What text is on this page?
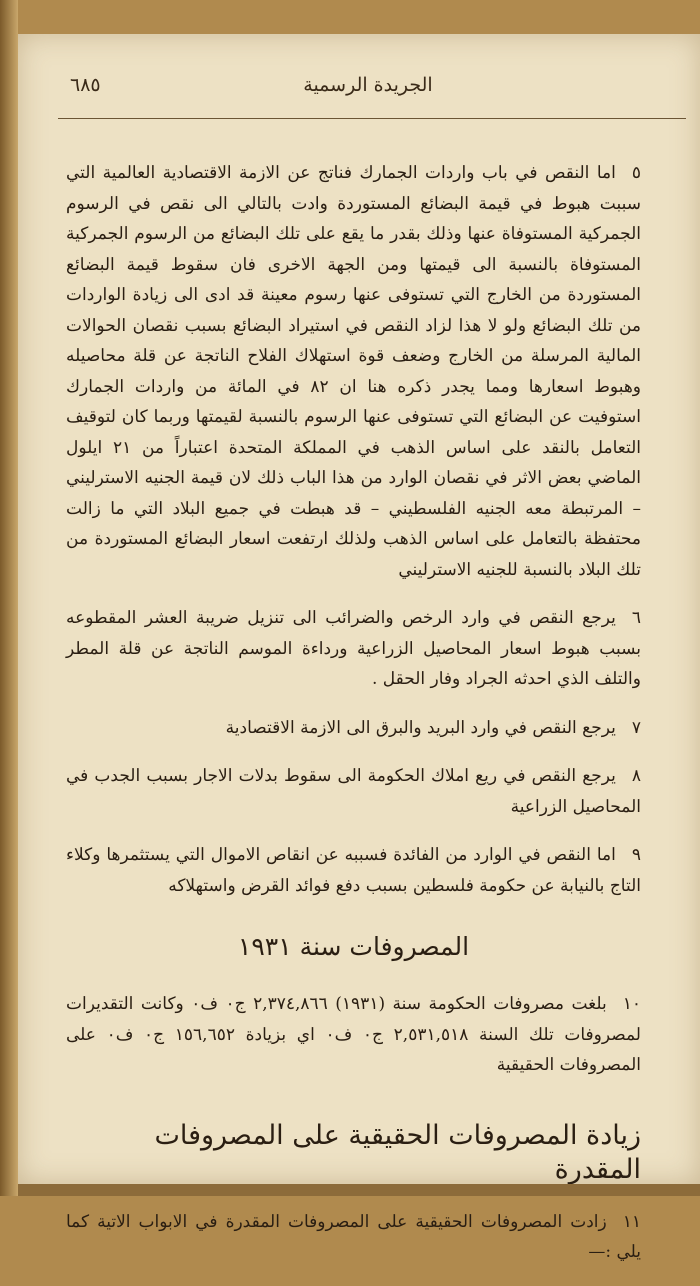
٦٨٥	الجريدة الرسمية

٥اما النقص في باب واردات الجمارك فناتج عن الازمة الاقتصادية العالمية التي سببت هبوط في قيمة البضائع المستوردة وادت بالتالي الى نقص في الرسوم الجمركية المستوفاة عنها وذلك بقدر ما يقع على تلك البضائع من الرسوم الجمركية المستوفاة بالنسبة الى قيمتها ومن الجهة الاخرى فان سقوط قيمة البضائع المستوردة من الخارج التي تستوفى عنها رسوم معينة قد ادى الى زيادة الواردات من تلك البضائع ولو لا هذا لزاد النقص في استيراد البضائع بسبب نقصان الحوالات المالية المرسلة من الخارج وضعف قوة استهلاك الفلاح الناتجة عن قلة محاصيله وهبوط اسعارها ومما يجدر ذكره هنا ان ٨٢ في المائة من واردات الجمارك استوفيت عن البضائع التي تستوفى عنها الرسوم بالنسبة لقيمتها وربما كان لتوقيف التعامل بالنقد على اساس الذهب في المملكة المتحدة اعتباراً من ٢١ ايلول الماضي بعض الاثر في نقصان الوارد من هذا الباب ذلك لان قيمة الجنيه الاسترليني – المرتبطة معه الجنيه الفلسطيني – قد هبطت في جميع البلاد التي ما زالت محتفظة بالتعامل على اساس الذهب ولذلك ارتفعت اسعار البضائع المستوردة من تلك البلاد بالنسبة للجنيه الاسترليني

٦يرجع النقص في وارد الرخص والضرائب الى تنزيل ضريبة العشر المقطوعه بسبب هبوط اسعار المحاصيل الزراعية ورداءة الموسم الناتجة عن قلة المطر والتلف الذي احدثه الجراد وفار الحقل .

٧يرجع النقص في وارد البريد والبرق الى الازمة الاقتصادية

٨يرجع النقص في ريع املاك الحكومة الى سقوط بدلات الاجار بسبب الجدب في المحاصيل الزراعية

٩اما النقص في الوارد من الفائدة فسببه عن انقاص الاموال التي يستثمرها وكلاء التاج بالنيابة عن حكومة فلسطين بسبب دفع فوائد القرض واستهلاكه

المصروفات سنة ١٩٣١

١٠بلغت مصروفات الحكومة سنة (١٩٣١) ٢,٣٧٤,٨٦٦ ج٠ ف٠ وكانت التقديرات لمصروفات تلك السنة ٢,٥٣١,٥١٨ ج٠ ف٠ اي بزيادة ١٥٦,٦٥٢ ج٠ ف٠ على المصروفات الحقيقية

زيادة المصروفات الحقيقية على المصروفات المقدرة

١١زادت المصروفات الحقيقية على المصروفات المقدرة في الابواب الاتية كما يلي :—
